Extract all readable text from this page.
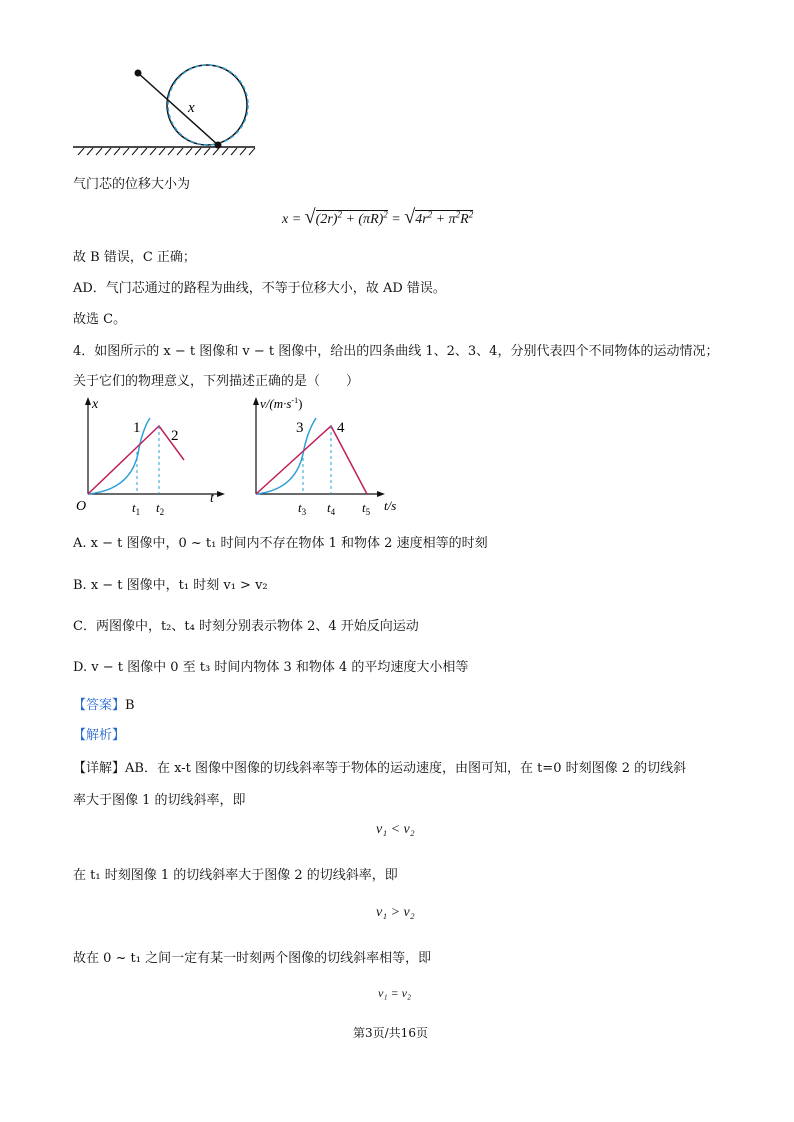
x
气门芯的位移大小为
$x = √(2r)^2 + (\pi R)^2 = √4r^2 + \pi^2R^2$
故 B 错误，C 正确；
AD．气门芯通过的路程为曲线，不等于位移大小，故 AD 错误。
故选 C。
4．如图所示的 x − t 图像和 v − t 图像中，给出的四条曲线 1、2、3、4，分别代表四个不同物体的运动情况；
关于它们的物理意义，下列描述正确的是（　　）
x
t
O
1 2
$t_1$ $t_2$
$v/(m\cdot s^{-1})$
t/s
3 4
$t_3$ $t_4$ $t_5$
A. x − t 图像中，0 ~ t₁ 时间内不存在物体 1 和物体 2 速度相等的时刻
B. x − t 图像中，t₁ 时刻 v₁ > v₂
C．两图像中，t₂、t₄ 时刻分别表示物体 2、4 开始反向运动
D. v − t 图像中 0 至 t₃ 时间内物体 3 和物体 4 的平均速度大小相等
【答案】B
【解析】
【详解】AB．在 x-t 图像中图像的切线斜率等于物体的运动速度，由图可知，在 t=0 时刻图像 2 的切线斜
率大于图像 1 的切线斜率，即
v₁ < v₂
在 t₁ 时刻图像 1 的切线斜率大于图像 2 的切线斜率，即
v₁ > v₂
故在 0 ~ t₁ 之间一定有某一时刻两个图像的切线斜率相等，即
v₁ = v₂
第3页/共16页
